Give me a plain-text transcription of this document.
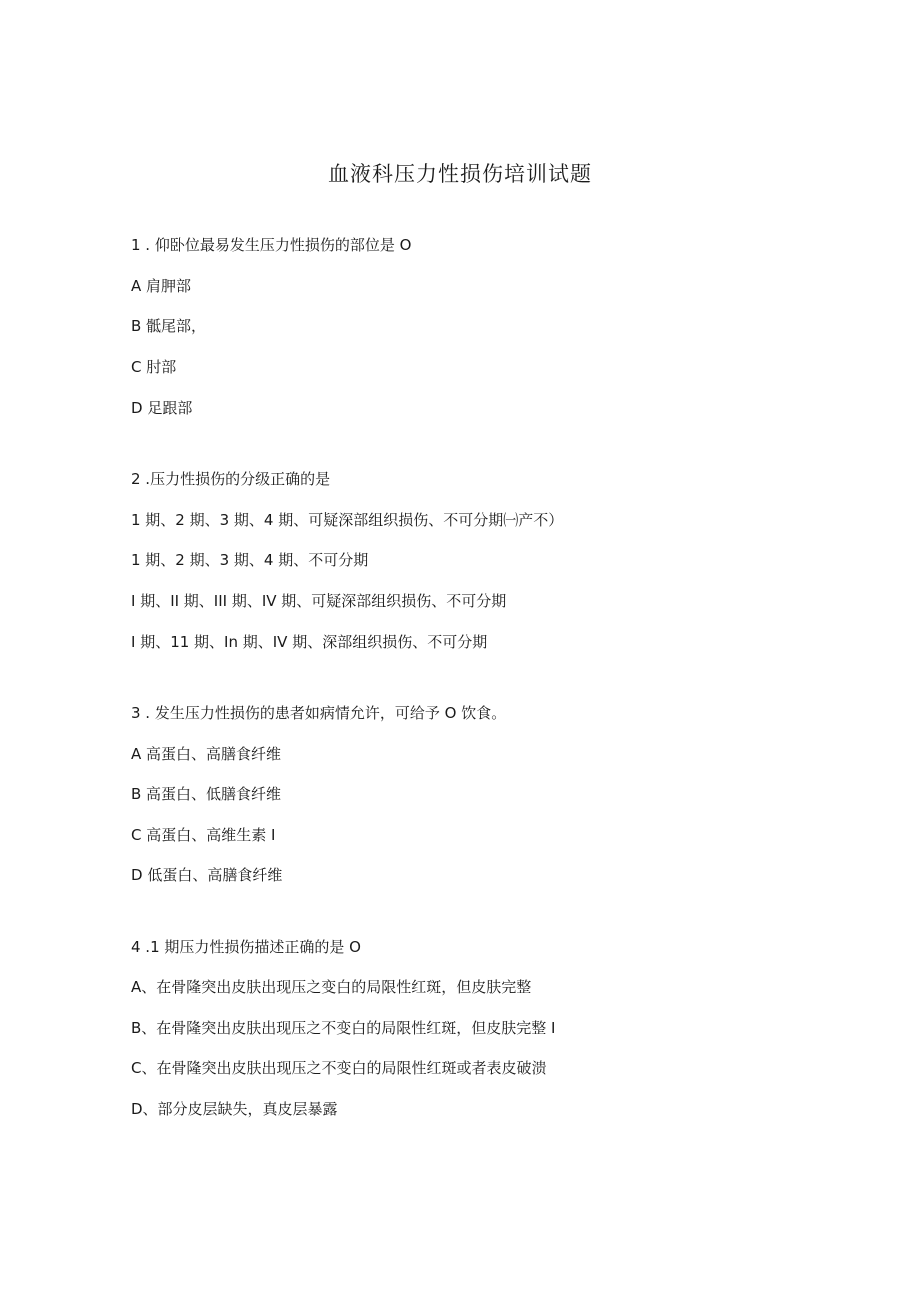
血液科压力性损伤培训试题

1 . 仰卧位最易发生压力性损伤的部位是 O

A 肩胛部

B 骶尾部，

C 肘部

D 足跟部

2 .压力性损伤的分级正确的是

1 期、2 期、3 期、4 期、可疑深部组织损伤、不可分期㈠产不）

1 期、2 期、3 期、4 期、不可分期

I 期、II 期、III 期、IV 期、可疑深部组织损伤、不可分期

I 期、11 期、In 期、IV 期、深部组织损伤、不可分期

3 . 发生压力性损伤的患者如病情允许，可给予 O 饮食。

A 高蛋白、高膳食纤维

B 高蛋白、低膳食纤维

C 高蛋白、高维生素 I

D 低蛋白、高膳食纤维

4 .1 期压力性损伤描述正确的是 O

A、在骨隆突出皮肤出现压之变白的局限性红斑，但皮肤完整

B、在骨隆突出皮肤出现压之不变白的局限性红斑，但皮肤完整 I

C、在骨隆突出皮肤出现压之不变白的局限性红斑或者表皮破溃

D、部分皮层缺失，真皮层暴露
